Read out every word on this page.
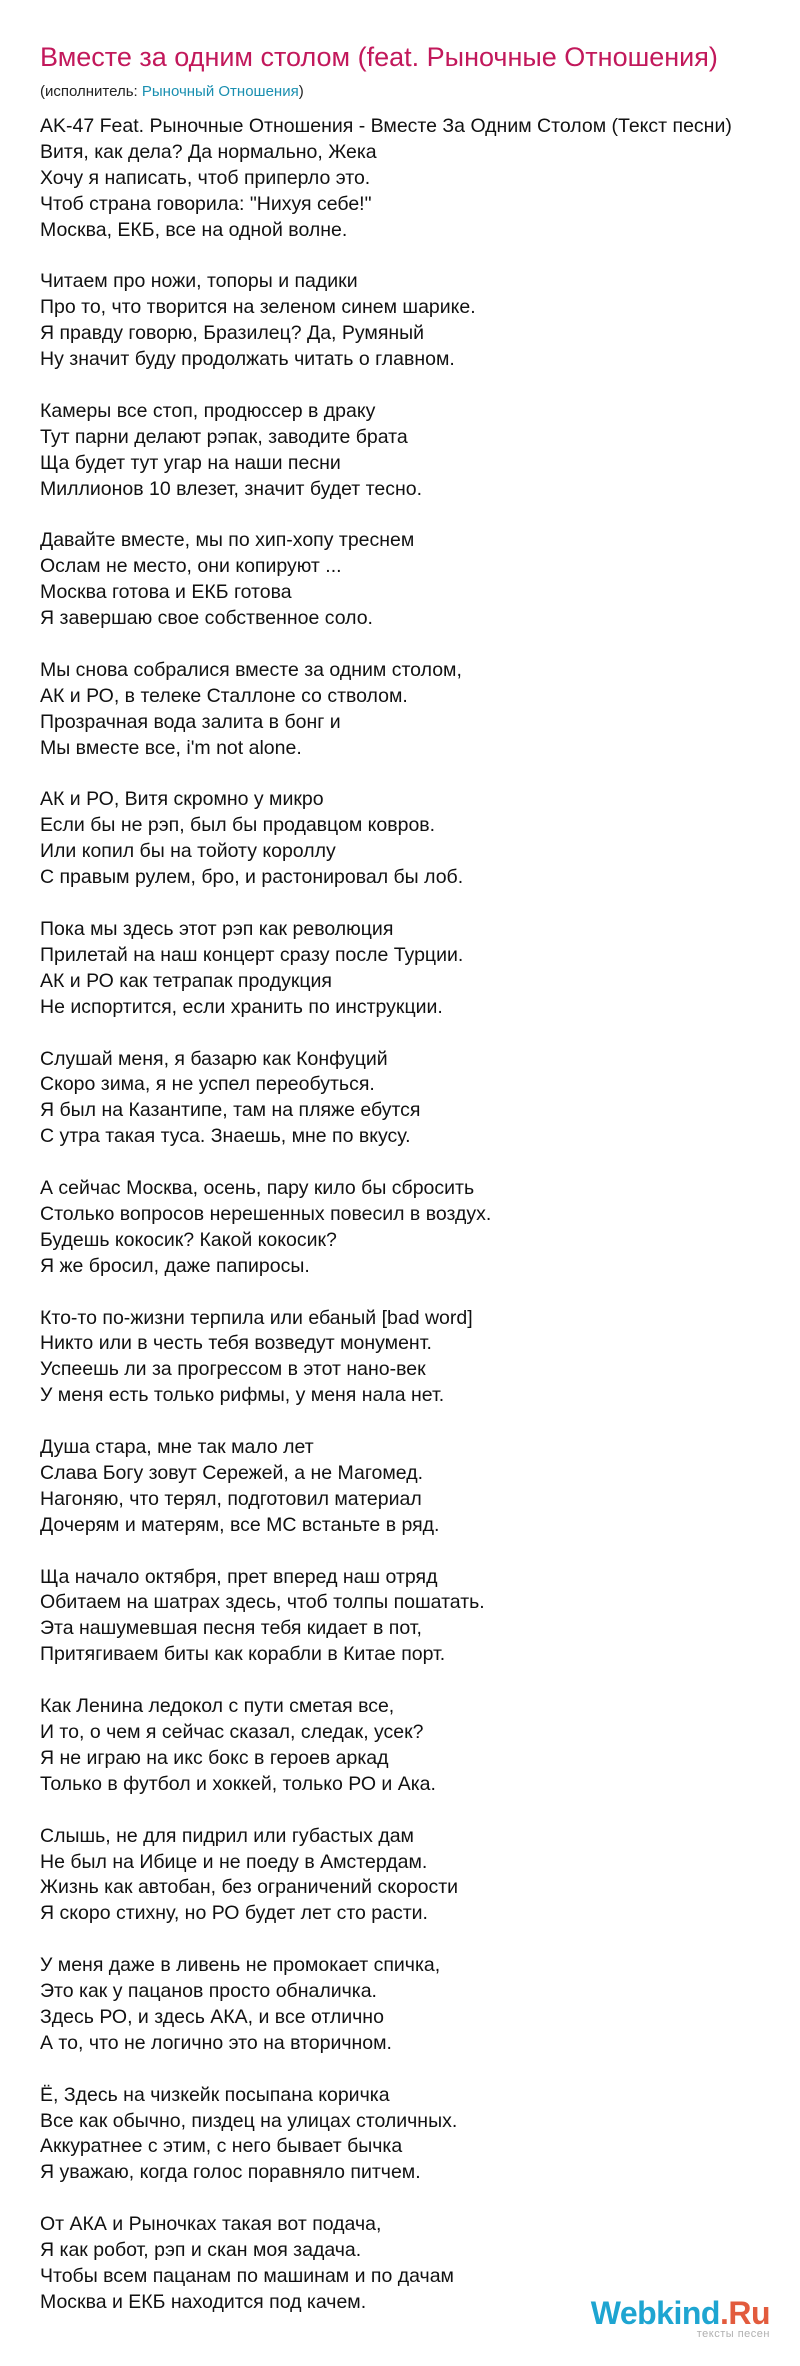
Вместе за одним столом (feat. Рыночные Отношения)
(исполнитель: Рыночный Отношения)
AK-47 Feat. Рыночные Отношения - Вместе За Одним Столом (Текст песни)
Витя, как дела? Да нормально, Жека
Хочу я написать, чтоб приперло это.
Чтоб страна говорила: "Нихуя себе!"
Москва, ЕКБ, все на одной волне.
Читаем про ножи, топоры и падики
Про то, что творится на зеленом синем шарике.
Я правду говорю, Бразилец? Да, Румяный
Ну значит буду продолжать читать о главном.
Камеры все стоп, продюссер в драку
Тут парни делают рэпак, заводите брата
Ща будет тут угар на наши песни
Миллионов 10 влезет, значит будет тесно.
Давайте вместе, мы по хип-хопу треснем
Ослам не место, они копируют ...
Москва готова и ЕКБ готова
Я завершаю свое собственное соло.
Мы снова собралися вместе за одним столом,
АК и РО, в телеке Сталлоне со стволом.
Прозрачная вода залита в бонг и
Мы вместе все, i'm not alone.
АК и РО, Витя скромно у микро
Если бы не рэп, был бы продавцом ковров.
Или копил бы на тойоту короллу
С правым рулем, бро, и растонировал бы лоб.
Пока мы здесь этот рэп как революция
Прилетай на наш концерт сразу после Турции.
АК и РО как тетрапак продукция
Не испортится, если хранить по инструкции.
Слушай меня, я базарю как Конфуций
Скоро зима, я не успел переобуться.
Я был на Казантипе, там на пляже ебутся
С утра такая туса. Знаешь, мне по вкусу.
А сейчас Москва, осень, пару кило бы сбросить
Столько вопросов нерешенных повесил в воздух.
Будешь кокосик? Какой кокосик?
Я же бросил, даже папиросы.
Кто-то по-жизни терпила или ебаный [bad word]
Никто или в честь тебя возведут монумент.
Успеешь ли за прогрессом в этот нано-век
У меня есть только рифмы, у меня нала нет.
Душа стара, мне так мало лет
Слава Богу зовут Сережей, а не Магомед.
Нагоняю, что терял, подготовил материал
Дочерям и матерям, все МС встаньте в ряд.
Ща начало октября, прет вперед наш отряд
Обитаем на шатрах здесь, чтоб толпы пошатать.
Эта нашумевшая песня тебя кидает в пот,
Притягиваем биты как корабли в Китае порт.
Как Ленина ледокол с пути сметая все,
И то, о чем я сейчас сказал, следак, усек?
Я не играю на икс бокс в героев аркад
Только в футбол и хоккей, только РО и Ака.
Слышь, не для пидрил или губастых дам
Не был на Ибице и не поеду в Амстердам.
Жизнь как автобан, без ограничений скорости
Я скоро стихну, но РО будет лет сто расти.
У меня даже в ливень не промокает спичка,
Это как у пацанов просто обналичка.
Здесь РО, и здесь АКА, и все отлично
А то, что не логично это на вторичном.
Ё, Здесь на чизкейк посыпана коричка
Все как обычно, пиздец на улицах столичных.
Аккуратнее с этим, с него бывает бычка
Я уважаю, когда голос поравняло питчем.
От АКА и Рыночках такая вот подача,
Я как робот, рэп и скан моя задача.
Чтобы всем пацанам по машинам и по дачам
Москва и ЕКБ находится под качем.	Webkind.Ru
тексты песен
